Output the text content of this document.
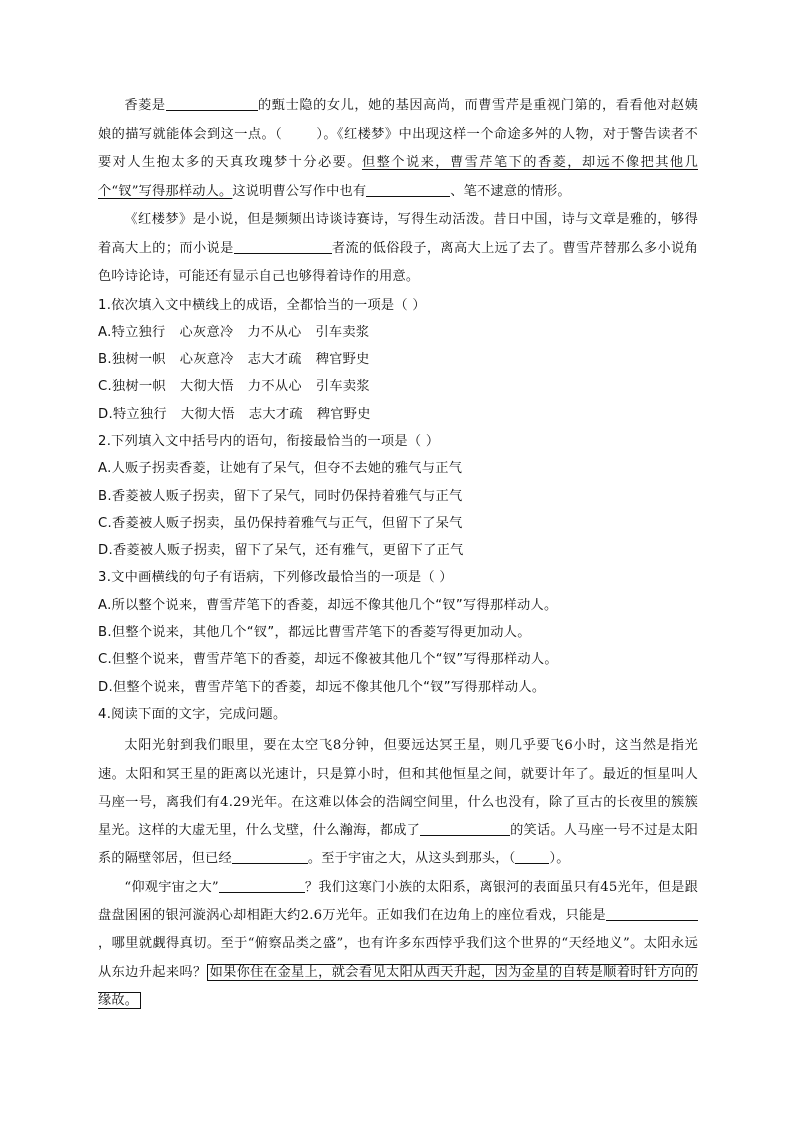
香菱是	的甄士隐的女儿，她的基因高尚，而曹雪芹是重视门第的，看看他对赵姨娘的描写就能体会到这一点。（	）。《红楼梦》中出现这样一个命途多舛的人物，对于警告读者不要对人生抱太多的天真玫瑰梦十分必要。但整个说来，曹雪芹笔下的香菱，却远不像把其他几个“钗”写得那样动人。这说明曹公写作中也有	、笔不逮意的情形。

《红楼梦》是小说，但是频频出诗谈诗赛诗，写得生动活泼。昔日中国，诗与文章是雅的，够得着高大上的；而小说是	者流的低俗段子，离高大上远了去了。曹雪芹替那么多小说角色吟诗论诗，可能还有显示自己也够得着诗作的用意。

1.依次填入文中横线上的成语，全都恰当的一项是（ ）

A.特立独行 心灰意冷 力不从心 引车卖浆

B.独树一帜 心灰意冷 志大才疏 稗官野史

C.独树一帜 大彻大悟 力不从心 引车卖浆

D.特立独行 大彻大悟 志大才疏 稗官野史

2.下列填入文中括号内的语句，衔接最恰当的一项是（ ）

A.人贩子拐卖香菱，让她有了呆气，但夺不去她的雅气与正气

B.香菱被人贩子拐卖，留下了呆气，同时仍保持着雅气与正气

C.香菱被人贩子拐卖，虽仍保持着雅气与正气，但留下了呆气

D.香菱被人贩子拐卖，留下了呆气，还有雅气，更留下了正气

3.文中画横线的句子有语病，下列修改最恰当的一项是（ ）

A.所以整个说来，曹雪芹笔下的香菱，却远不像其他几个“钗”写得那样动人。

B.但整个说来，其他几个“钗”，都远比曹雪芹笔下的香菱写得更加动人。

C.但整个说来，曹雪芹笔下的香菱，却远不像被其他几个“钗”写得那样动人。

D.但整个说来，曹雪芹笔下的香菱，却远不像其他几个“钗”写得那样动人。

4.阅读下面的文字，完成问题。

太阳光射到我们眼里，要在太空飞8分钟，但要远达冥王星，则几乎要飞6小时，这当然是指光速。太阳和冥王星的距离以光速计，只是算小时，但和其他恒星之间，就要计年了。最近的恒星叫人马座一号，离我们有4.29光年。在这难以体会的浩阔空间里，什么也没有，除了亘古的长夜里的簇簇星光。这样的大虚无里，什么戈壁，什么瀚海，都成了	的笑话。人马座一号不过是太阳系的隔壁邻居，但已经	。至于宇宙之大，从这头到那头，（	）。

“仰观宇宙之大”	？我们这寒门小族的太阳系，离银河的表面虽只有45光年，但是跟盘盘囷囷的银河漩涡心却相距大约2.6万光年。正如我们在边角上的座位看戏，只能是，哪里就觑得真切。至于“俯察品类之盛”，也有许多东西悖乎我们这个世界的“天经地义”。太阳永远从东边升起来吗？ 如果你住在金星上，就会看见太阳从西天升起，因为金星的自转是顺着时针方向的缘故。
